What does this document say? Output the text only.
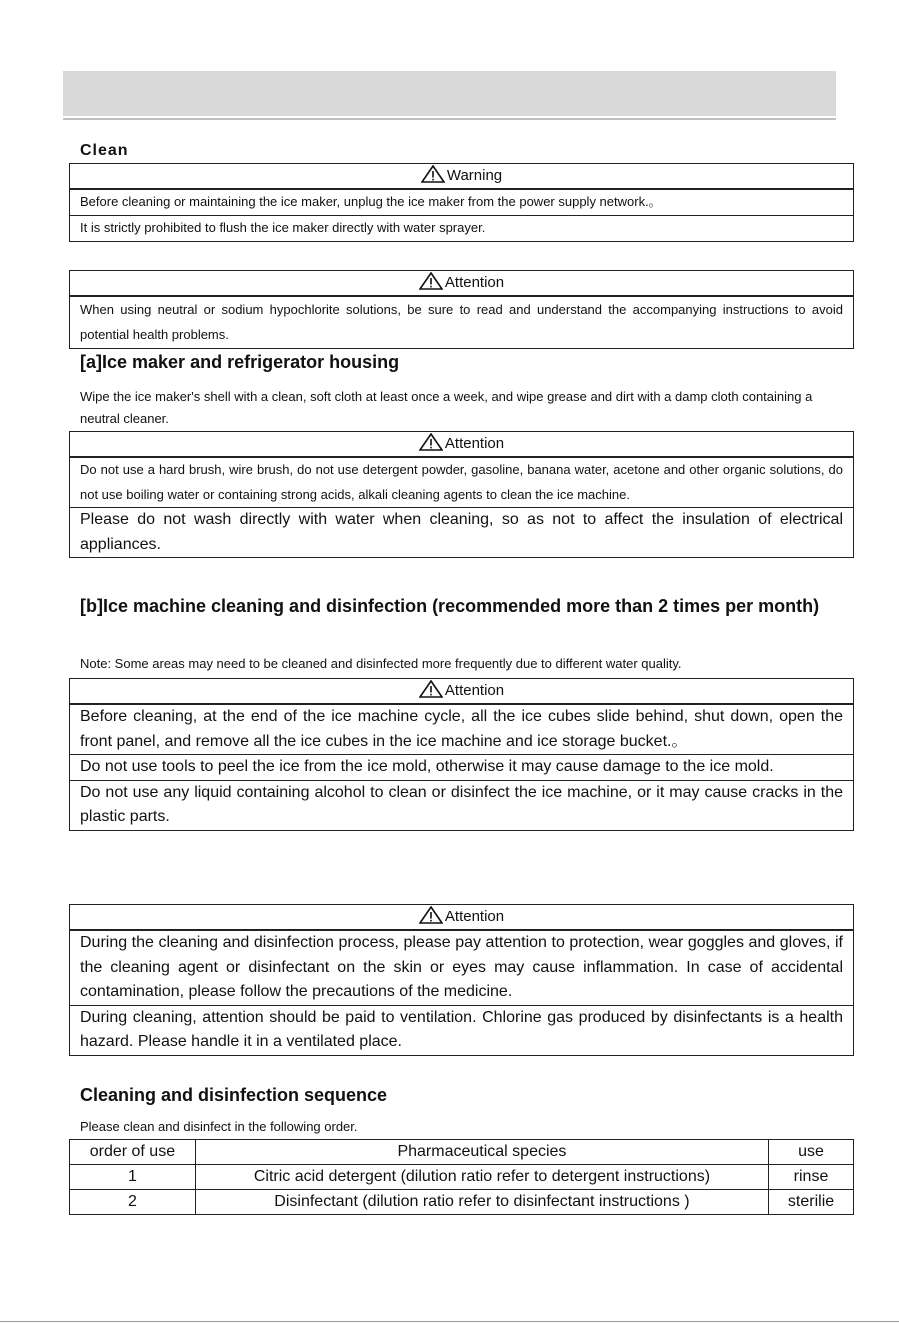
Clean
Warning
Before cleaning or maintaining the ice maker, unplug the ice maker from the power supply network.。
It is strictly prohibited to flush the ice maker directly with water sprayer.
Attention
When using neutral or sodium hypochlorite solutions, be sure to read and understand the accompanying instructions to avoid potential health problems.
[a]Ice maker and refrigerator housing
Wipe the ice maker's shell with a clean, soft cloth at least once a week, and wipe grease and dirt with a damp cloth containing a neutral cleaner.
Attention
Do not use a hard brush, wire brush, do not use detergent powder, gasoline, banana water, acetone and other organic solutions, do not use boiling water or containing strong acids, alkali cleaning agents to clean the ice machine.
Please do not wash directly with water when cleaning, so as not to affect the insulation of electrical appliances.
[b]Ice machine cleaning and disinfection (recommended more than 2 times per month)
Note: Some areas may need to be cleaned and disinfected more frequently due to different water quality.
Attention
Before cleaning, at the end of the ice machine cycle, all the ice cubes slide behind, shut down, open the front panel, and remove all the ice cubes in the ice machine and ice storage bucket.。
Do not use tools to peel the ice from the ice mold, otherwise it may cause damage to the ice mold.
Do not use any liquid containing alcohol to clean or disinfect the ice machine, or it may cause cracks in the plastic parts.
Attention
During the cleaning and disinfection process, please pay attention to protection, wear goggles and gloves, if the cleaning agent or disinfectant on the skin or eyes may cause inflammation. In case of accidental contamination, please follow the precautions of the medicine.
During cleaning, attention should be paid to ventilation. Chlorine gas produced by disinfectants is a health hazard. Please handle it in a ventilated place.
Cleaning and disinfection sequence
Please clean and disinfect in the following order.
order of use	Pharmaceutical species	use
1	Citric acid detergent (dilution ratio refer to detergent instructions)	rinse
2	Disinfectant (dilution ratio refer to disinfectant instructions )	sterilie
